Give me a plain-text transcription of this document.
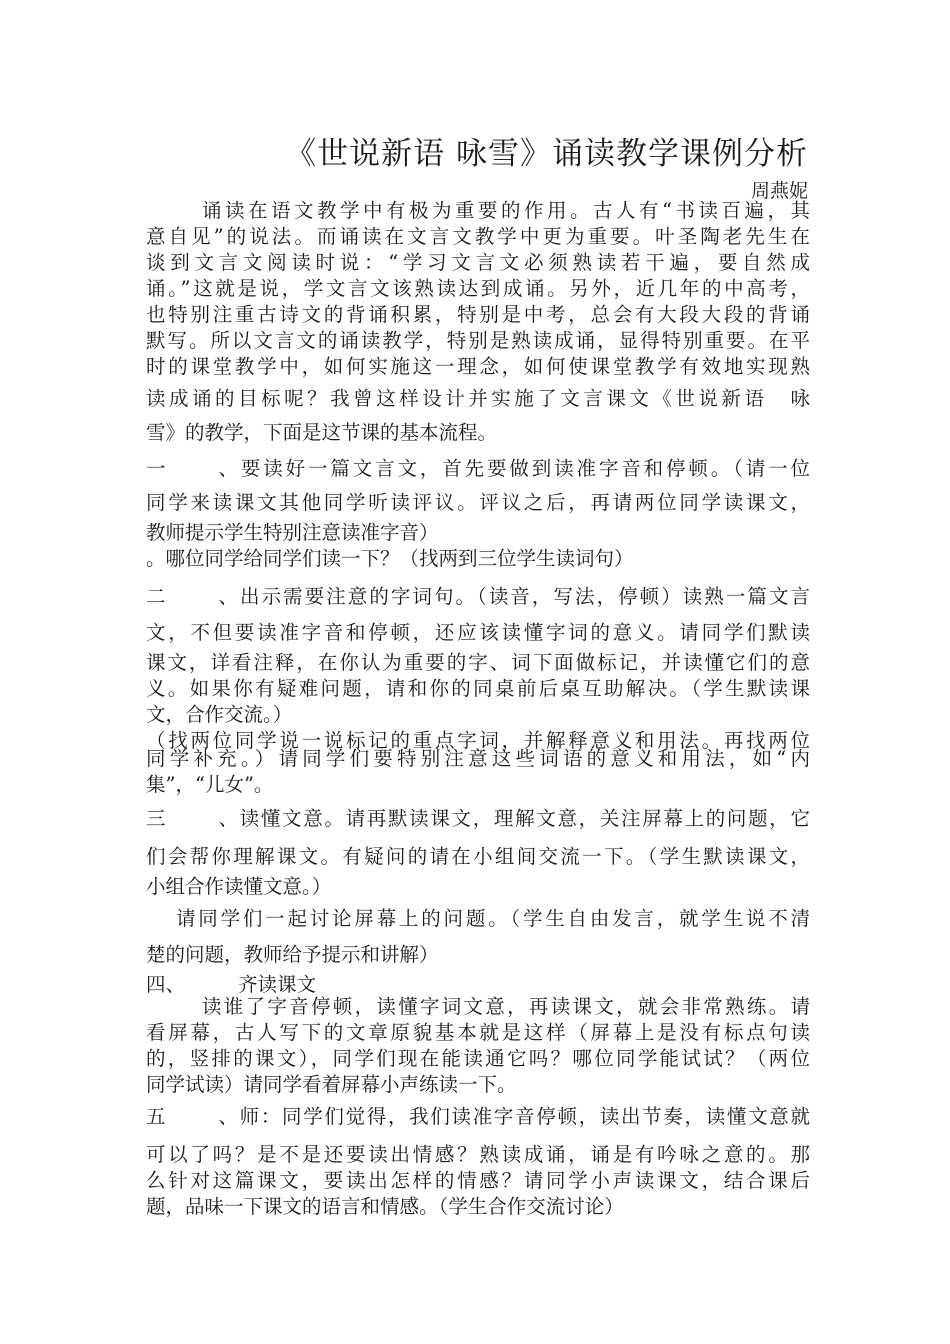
《世说新语 咏雪》诵读教学课例分析
周燕妮
诵读在语文教学中有极为重要的作用。古人有“书读百遍，其
意自见”的说法。而诵读在文言文教学中更为重要。叶圣陶老先生在
谈到文言文阅读时说：“学习文言文必须熟读若干遍，要自然成
诵。”这就是说，学文言文该熟读达到成诵。另外，近几年的中高考，
也特别注重古诗文的背诵积累，特别是中考，总会有大段大段的背诵
默写。所以文言文的诵读教学，特别是熟读成诵，显得特别重要。在平
时的课堂教学中，如何实施这一理念，如何使课堂教学有效地实现熟
读成诵的目标呢？我曾这样设计并实施了文言课文《世说新语　咏
雪》的教学，下面是这节课的基本流程。
一、要读好一篇文言文，首先要做到读准字音和停顿。（请一位
同学来读课文其他同学听读评议。评议之后，再请两位同学读课文，
教师提示学生特别注意读准字音）
。哪位同学给同学们读一下？（找两到三位学生读词句）
二、出示需要注意的字词句。（读音，写法，停顿）读熟一篇文言
文，不但要读准字音和停顿，还应该读懂字词的意义。请同学们默读
课文，详看注释，在你认为重要的字、词下面做标记，并读懂它们的意
义。如果你有疑难问题，请和你的同桌前后桌互助解决。（学生默读课
文，合作交流。）
（找两位同学说一说标记的重点字词，并解释意义和用法。再找两位
同学补充。）请同学们要特别注意这些词语的意义和用法，如“内
集”，“儿女”。
三、读懂文意。请再默读课文，理解文意，关注屏幕上的问题，它
们会帮你理解课文。有疑问的请在小组间交流一下。（学生默读课文，
小组合作读懂文意。）
请同学们一起讨论屏幕上的问题。（学生自由发言，就学生说不清
楚的问题，教师给予提示和讲解）
四、	齐读课文
读谁了字音停顿，读懂字词文意，再读课文，就会非常熟练。请
看屏幕，古人写下的文章原貌基本就是这样（屏幕上是没有标点句读
的，竖排的课文），同学们现在能读通它吗？哪位同学能试试？（两位
同学试读）请同学看着屏幕小声练读一下。
五、师：同学们觉得，我们读准字音停顿，读出节奏，读懂文意就
可以了吗？是不是还要读出情感？熟读成诵，诵是有吟咏之意的。那
么针对这篇课文，要读出怎样的情感？请同学小声读课文，结合课后
题，品味一下课文的语言和情感。（学生合作交流讨论）
